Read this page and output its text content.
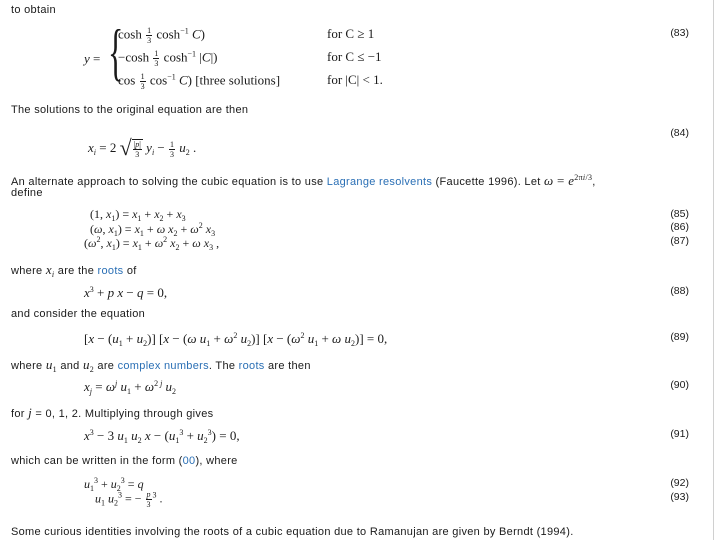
to obtain
(83)
y = {
$\cosh \frac{1}{3} \cosh^{-1} C$)
$-\cosh \frac{1}{3} \cosh^{-1} |C|$)
$\cos \frac{1}{3} \cos^{-1} C$) [three solutions]
for C ≥ 1
for C ≤ −1
for |C| < 1.
The solutions to the original equation are then
(84)
$x_i = 2$ √ $\frac{|p|}{3} y_i - \frac{1}{3} u_2$ .
An alternate approach to solving the cubic equation is to use Lagrange resolvents (Faucette 1996). Let $\omega = e^{2\pi i/3}$,
define
(85)
(86)
(87)
(1, $x_1) = x_1 + x_2 + x_3$
(ω, $x_1) = x_1 + \omega$ $x_2 + \omega^2$ $x_3$
($\omega^2$, $x_1) = x_1 + \omega^2$ $x_2 + \omega$ $x_3$ ,
where $x_i$ are the roots of
(88)
$x^3 + p$ x − q = 0,
and consider the equation
(89)
$[x - (u_1 + u_2)]$ [x − (ω $u_1 + \omega^2$ $u_2$)] [$x - (\omega^2$ $u_1 + \omega$ $u_2)] = 0$,
where $u_1$ and $u_2$ are complex numbers. The roots are then
(90)
$x_j = \omega^j$ $u_1 + \omega^{2 j}$ $u_2$
for j = 0, 1, 2. Multiplying through gives
(91)
$x^3 - 3$ $u_1$ $u_2$ $x - (u_1^3 + u_2^3) = 0$,
which can be written in the form (00), where
(92)
(93)
$u_1^3 + u_2^3 = q$
$u_1$ $u_2^3$ = − $\frac{p}{3} ^3$ .
Some curious identities involving the roots of a cubic equation due to Ramanujan are given by Berndt (1994).
